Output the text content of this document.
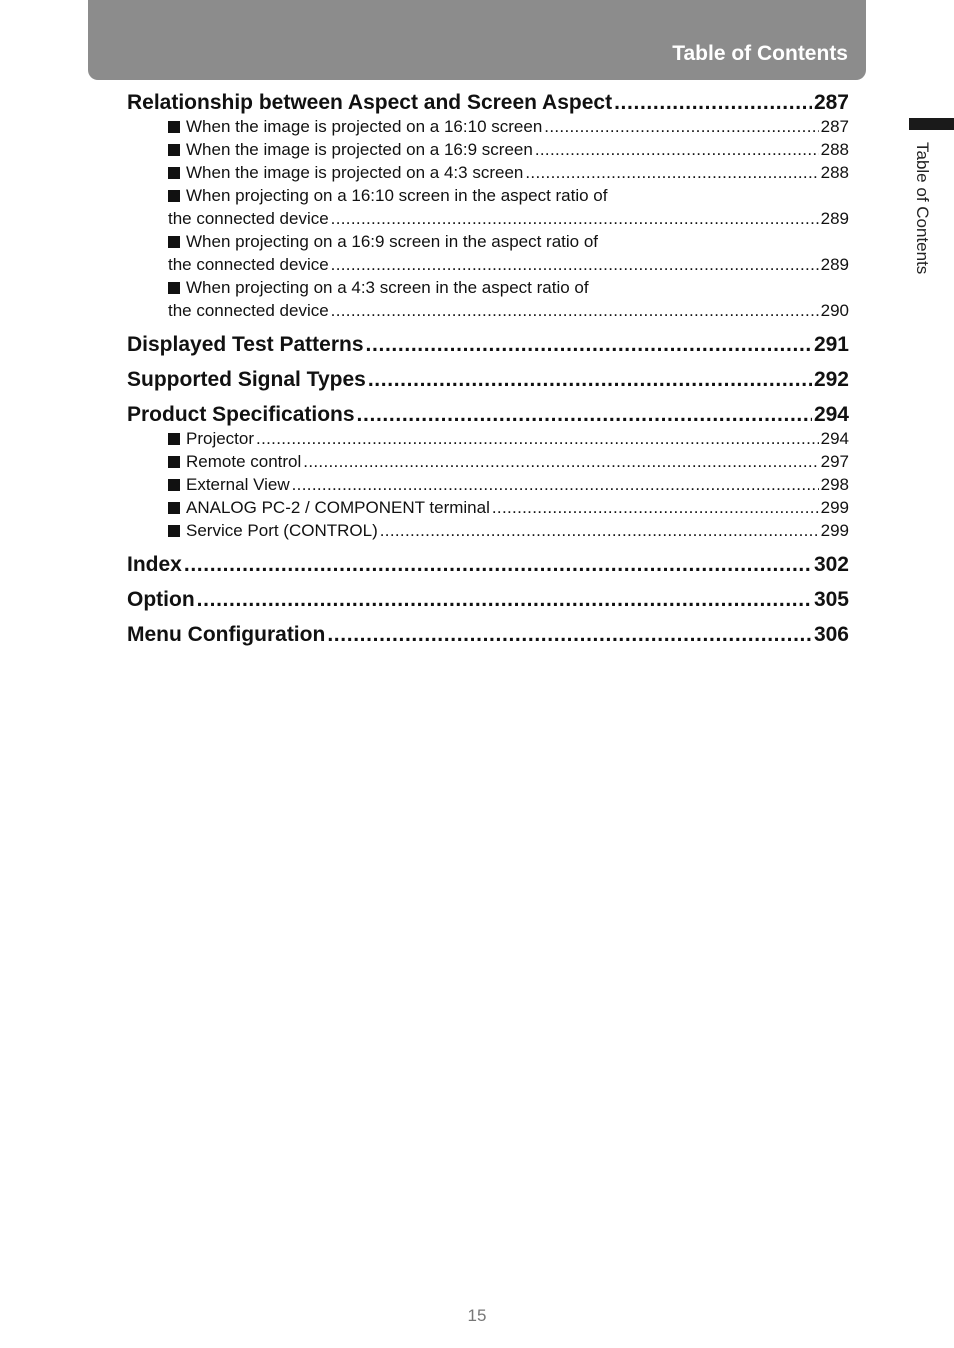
Table of Contents
Table of Contents
Relationship between Aspect and Screen Aspect . . .	287
When the image is projected on a 16:10 screen . . .	287
When the image is projected on a 16:9 screen . . .	288
When the image is projected on a 4:3 screen . . .	288
When projecting on a 16:10 screen in the aspect ratio of
the connected device . . .	289
When projecting on a 16:9 screen in the aspect ratio of
the connected device . . .	289
When projecting on a 4:3 screen in the aspect ratio of
the connected device . . .	290
Displayed Test Patterns . . .	291
Supported Signal Types . . .	292
Product Specifications . . .	294
Projector . . .	294
Remote control . . .	297
External View . . .	298
ANALOG PC-2 / COMPONENT terminal . . .	299
Service Port (CONTROL) . . .	299
Index . . .	302
Option . . .	305
Menu Configuration . . .	306
15
